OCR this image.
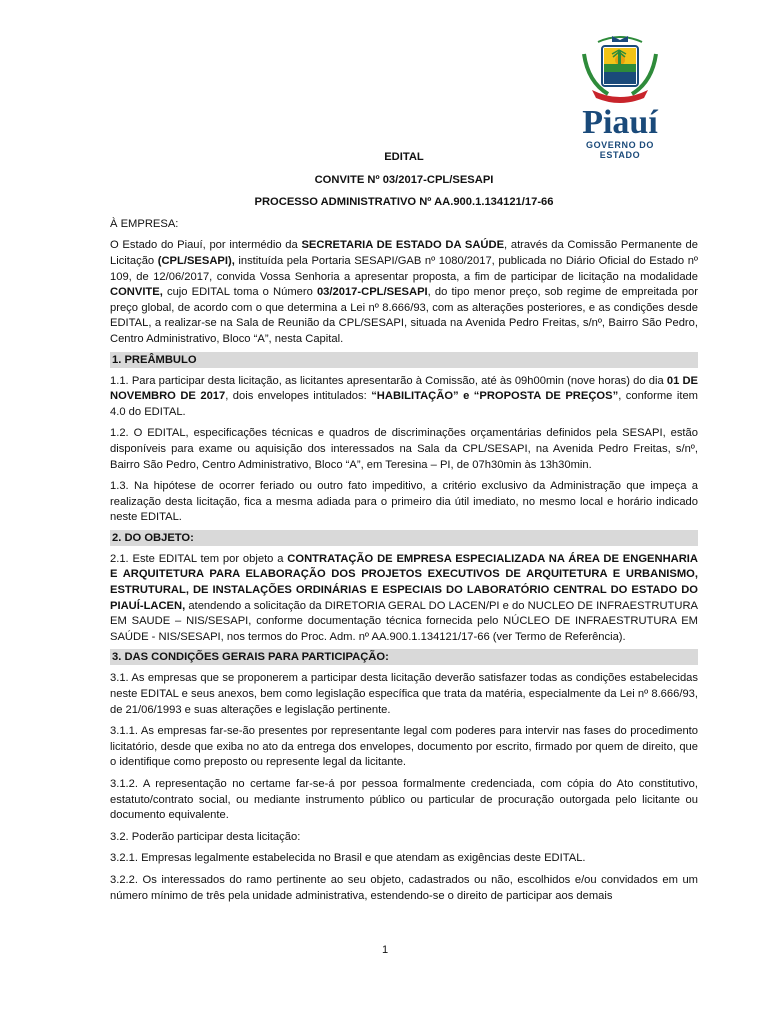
Piauí
GOVERNO DO ESTADO

EDITAL

CONVITE Nº 03/2017-CPL/SESAPI

PROCESSO ADMINISTRATIVO Nº AA.900.1.134121/17-66

À EMPRESA:

O Estado do Piauí, por intermédio da SECRETARIA DE ESTADO DA SAÚDE, através da Comissão Permanente de Licitação (CPL/SESAPI), instituída pela Portaria SESAPI/GAB nº 1080/2017, publicada no Diário Oficial do Estado nº 109, de 12/06/2017, convida Vossa Senhoria a apresentar proposta, a fim de participar de licitação na modalidade CONVITE, cujo EDITAL toma o Número 03/2017-CPL/SESAPI, do tipo menor preço, sob regime de empreitada por preço global, de acordo com o que determina a Lei nº 8.666/93, com as alterações posteriores, e as condições desde EDITAL, a realizar-se na Sala de Reunião da CPL/SESAPI, situada na Avenida Pedro Freitas, s/nº, Bairro São Pedro, Centro Administrativo, Bloco “A”, nesta Capital.

1. PREÂMBULO

1.1. Para participar desta licitação, as licitantes apresentarão à Comissão, até às 09h00min (nove horas) do dia 01 DE NOVEMBRO DE 2017, dois envelopes intitulados: “HABILITAÇÃO” e “PROPOSTA DE PREÇOS”, conforme item 4.0 do EDITAL.

1.2. O EDITAL, especificações técnicas e quadros de discriminações orçamentárias definidos pela SESAPI, estão disponíveis para exame ou aquisição dos interessados na Sala da CPL/SESAPI, na Avenida Pedro Freitas, s/nº, Bairro São Pedro, Centro Administrativo, Bloco “A”, em Teresina – PI, de 07h30min às 13h30min.

1.3. Na hipótese de ocorrer feriado ou outro fato impeditivo, a critério exclusivo da Administração que impeça a realização desta licitação, fica a mesma adiada para o primeiro dia útil imediato, no mesmo local e horário indicado neste EDITAL.

2. DO OBJETO:

2.1. Este EDITAL tem por objeto a CONTRATAÇÃO DE EMPRESA ESPECIALIZADA NA ÁREA DE ENGENHARIA E ARQUITETURA PARA ELABORAÇÃO DOS PROJETOS EXECUTIVOS DE ARQUITETURA E URBANISMO, ESTRUTURAL, DE INSTALAÇÕES ORDINÁRIAS E ESPECIAIS DO LABORATÓRIO CENTRAL DO ESTADO DO PIAUÍ-LACEN, atendendo a solicitação da DIRETORIA GERAL DO LACEN/PI e do NUCLEO DE INFRAESTRUTURA EM SAUDE – NIS/SESAPI, conforme documentação técnica fornecida pelo NÚCLEO DE INFRAESTRUTURA EM SAÚDE - NIS/SESAPI, nos termos do Proc. Adm. nº AA.900.1.134121/17-66 (ver Termo de Referência).

3. DAS CONDIÇÕES GERAIS PARA PARTICIPAÇÃO:

3.1. As empresas que se proponerem a participar desta licitação deverão satisfazer todas as condições estabelecidas neste EDITAL e seus anexos, bem como legislação específica que trata da matéria, especialmente da Lei nº 8.666/93, de 21/06/1993 e suas alterações e legislação pertinente.

3.1.1. As empresas far-se-ão presentes por representante legal com poderes para intervir nas fases do procedimento licitatório, desde que exiba no ato da entrega dos envelopes, documento por escrito, firmado por quem de direito, que o identifique como preposto ou represente legal da licitante.

3.1.2. A representação no certame far-se-á por pessoa formalmente credenciada, com cópia do Ato constitutivo, estatuto/contrato social, ou mediante instrumento público ou particular de procuração outorgada pelo licitante ou documento equivalente.

3.2. Poderão participar desta licitação:

3.2.1. Empresas legalmente estabelecida no Brasil e que atendam as exigências deste EDITAL.

3.2.2. Os interessados do ramo pertinente ao seu objeto, cadastrados ou não, escolhidos e/ou convidados em um número mínimo de três pela unidade administrativa, estendendo-se o direito de participar aos demais

1
